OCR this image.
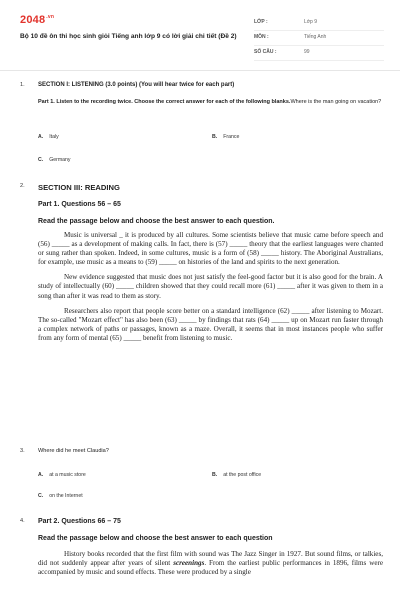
$2048^{.vn}$
Bộ 10 đề ôn thi học sinh giỏi Tiếng anh lớp 9 có lời giải chi tiết (Đề 2)
LỚP :	Lớp 9
MÔN :	Tiếng Anh
SỐ CÂU :	99
1. SECTION I: LISTENING (3.0 points) (You will hear twice for each part)
Part 1. Listen to the recording twice. Choose the correct answer for each of the following blanks.Where is the man going on vacation?
A. Italy	B. France
C. Germany
2. SECTION III: READING
Part 1. Questions 56 – 65
Read the passage below and choose the best answer to each question.

Music is universal _ it is produced by all cultures. Some scientists believe that music came before speech and (56) _____ as a development of making calls. In fact, there is (57) _____ theory that the earliest languages were chanted or sung rather than spoken. Indeed, in some cultures, music is a form of (58) _____ history. The Aboriginal Australians, for example, use music as a means to (59) _____ on histories of the land and spirits to the next generation.

New evidence suggested that music does not just satisfy the feel-good factor but it is also good for the brain. A study of intellectually (60) _____ children showed that they could recall more (61) _____ after it was given to them in a song than after it was read to them as story.

Researchers also report that people score better on a standard intelligence (62) _____ after listening to Mozart. The so-called "Mozart effect" has also been (63) _____ by findings that rats (64) _____ up on Mozart run faster through a complex network of paths or passages, known as a maze. Overall, it seems that in most instances people who suffer from any form of mental (65) _____ benefit from listening to music.

3. Where did he meet Claudia?
A. at a music store	B. at the post office
C. on the Internet
4. Part 2. Questions 66 – 75
Read the passage below and choose the best answer to each question

History books recorded that the first film with sound was The Jazz Singer in 1927. But sound films, or talkies, did not suddenly appear after years of silent screenings. From the earliest public performances in 1896, films were accompanied by music and sound effects. These were produced by a single
